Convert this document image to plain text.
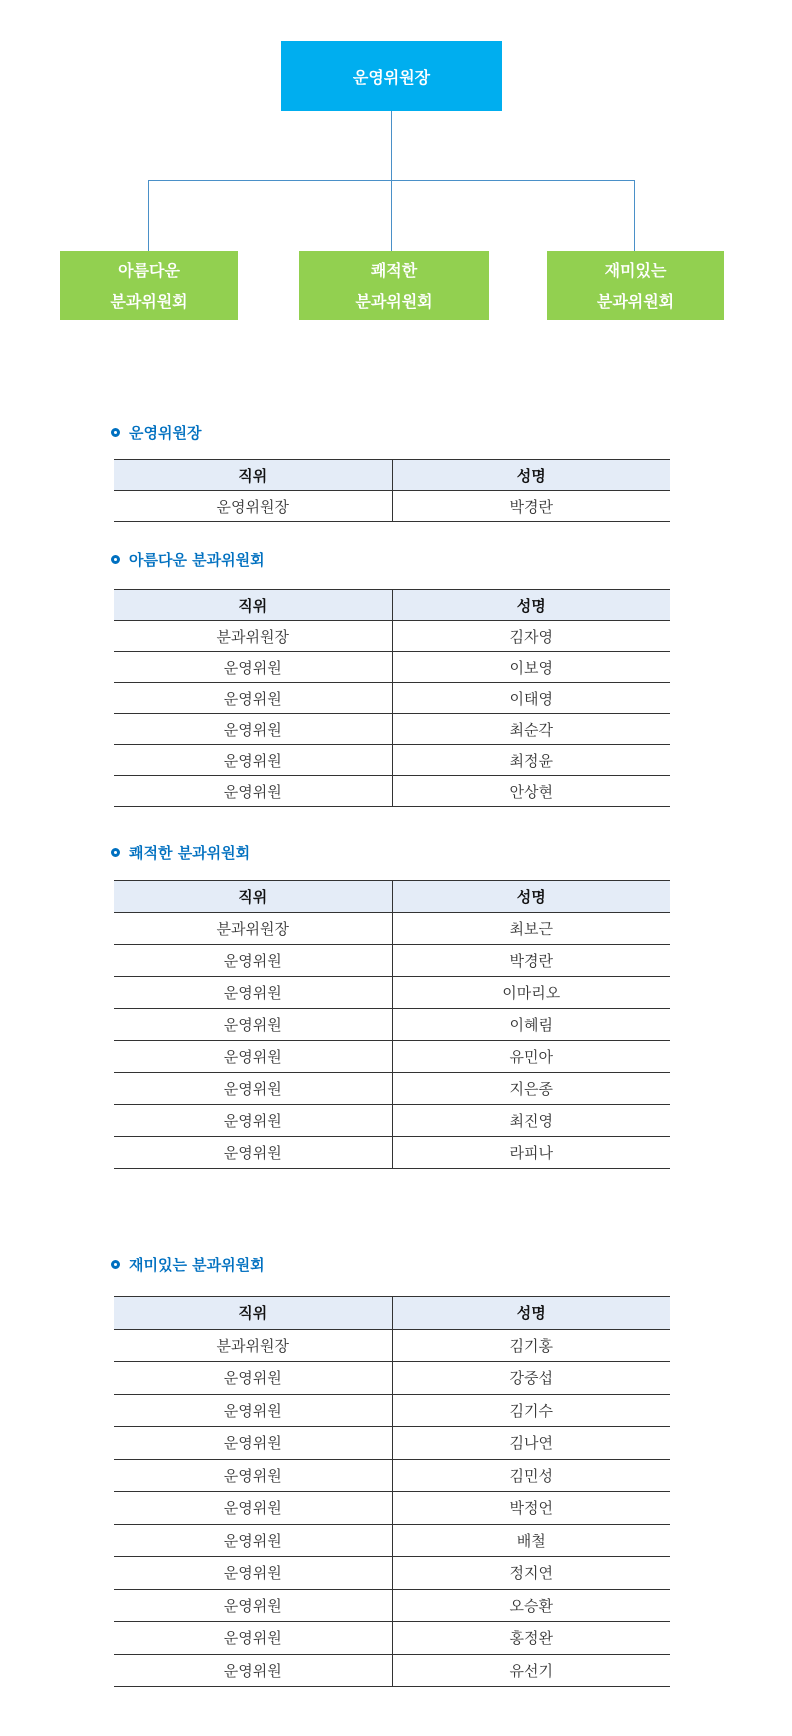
운영위원장
아름다운
분과위원회
쾌적한
분과위원회
재미있는
분과위원회
운영위원장
직위	성명
운영위원장	박경란
아름다운 분과위원회
직위	성명
분과위원장	김자영
운영위원	이보영
운영위원	이태영
운영위원	최순각
운영위원	최정윤
운영위원	안상현
쾌적한 분과위원회
직위	성명
분과위원장	최보근
운영위원	박경란
운영위원	이마리오
운영위원	이혜림
운영위원	유민아
운영위원	지은종
운영위원	최진영
운영위원	라피나
재미있는 분과위원회
직위	성명
분과위원장	김기홍
운영위원	강중섭
운영위원	김기수
운영위원	김나연
운영위원	김민성
운영위원	박정언
운영위원	배철
운영위원	정지연
운영위원	오승환
운영위원	홍정완
운영위원	유선기
